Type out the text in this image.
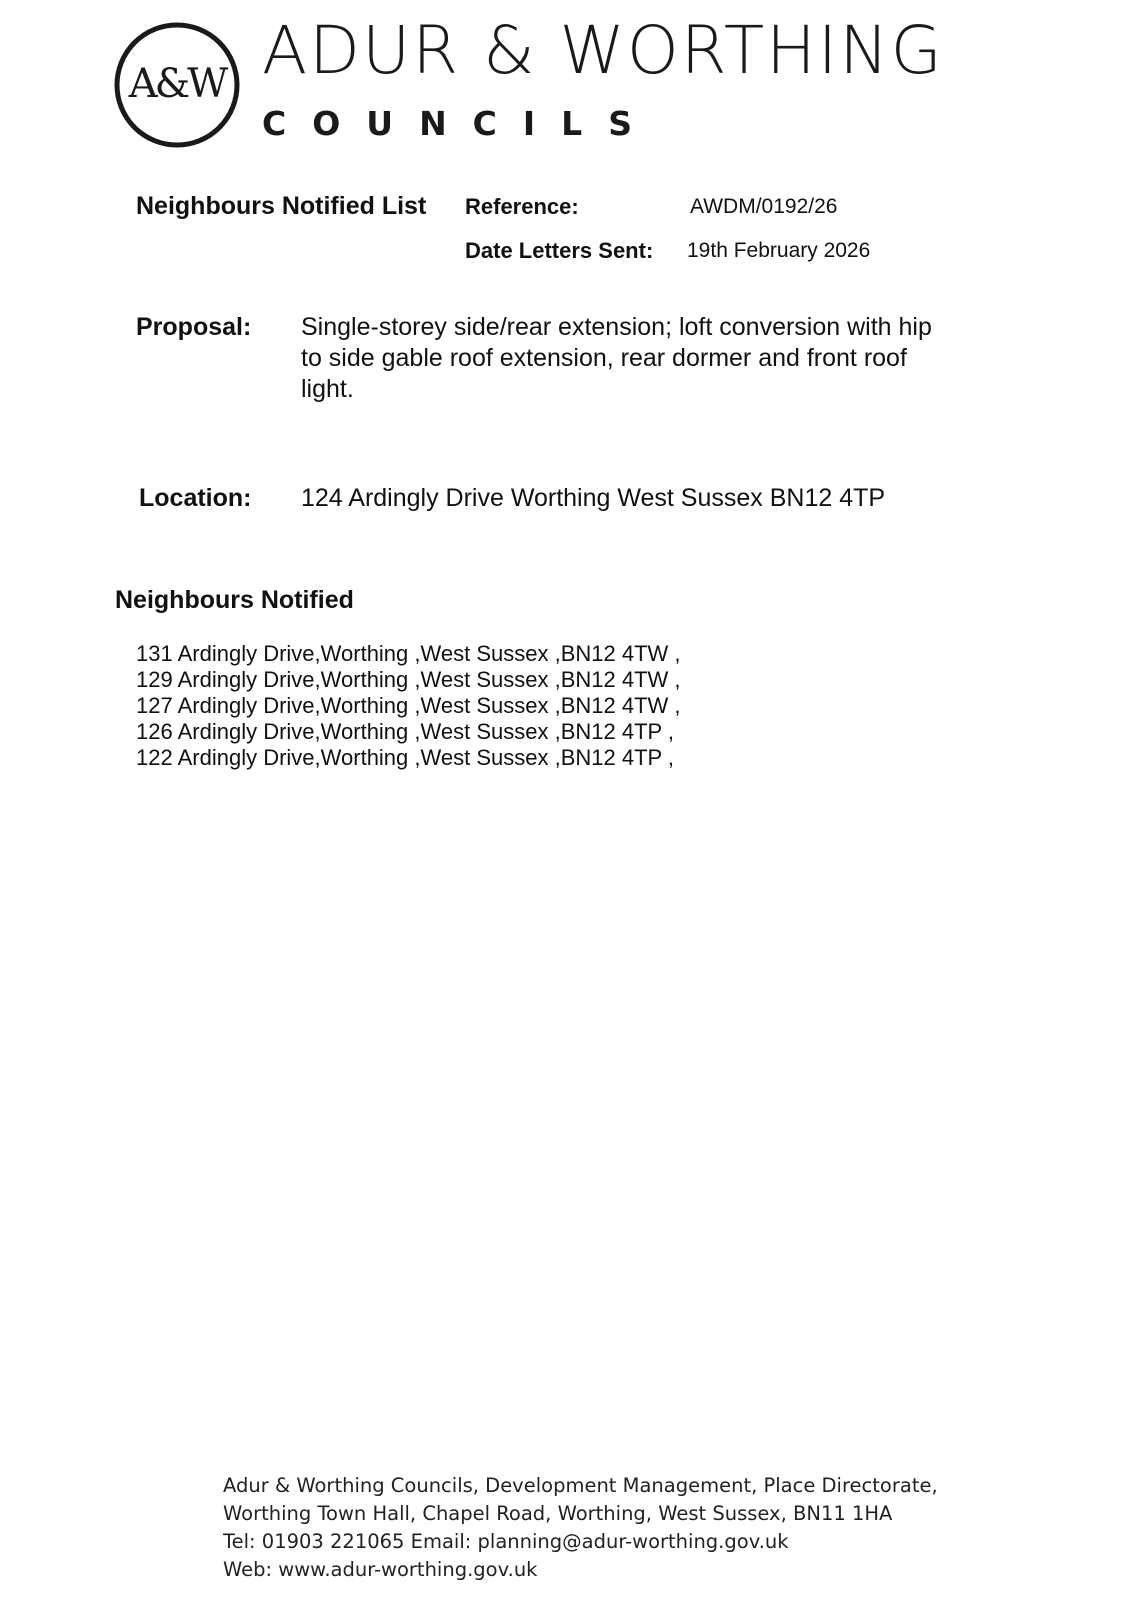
A&W ADUR & WORTHING
COUNCILS
Neighbours Notified List Reference:	AWDM/0192/26
Date Letters Sent: 19th February 2026
Proposal: Single-storey side/rear extension; loft conversion with hip to side gable roof extension, rear dormer and front roof light.
Location: 124 Ardingly Drive Worthing West Sussex BN12 4TP
Neighbours Notified
131 Ardingly Drive,Worthing ,West Sussex ,BN12 4TW ,
129 Ardingly Drive,Worthing ,West Sussex ,BN12 4TW ,
127 Ardingly Drive,Worthing ,West Sussex ,BN12 4TW ,
126 Ardingly Drive,Worthing ,West Sussex ,BN12 4TP ,
122 Ardingly Drive,Worthing ,West Sussex ,BN12 4TP ,
Adur & Worthing Councils, Development Management, Place Directorate,
Worthing Town Hall, Chapel Road, Worthing, West Sussex, BN11 1HA
Tel: 01903 221065 Email: planning@adur-worthing.gov.uk
Web: www.adur-worthing.gov.uk
